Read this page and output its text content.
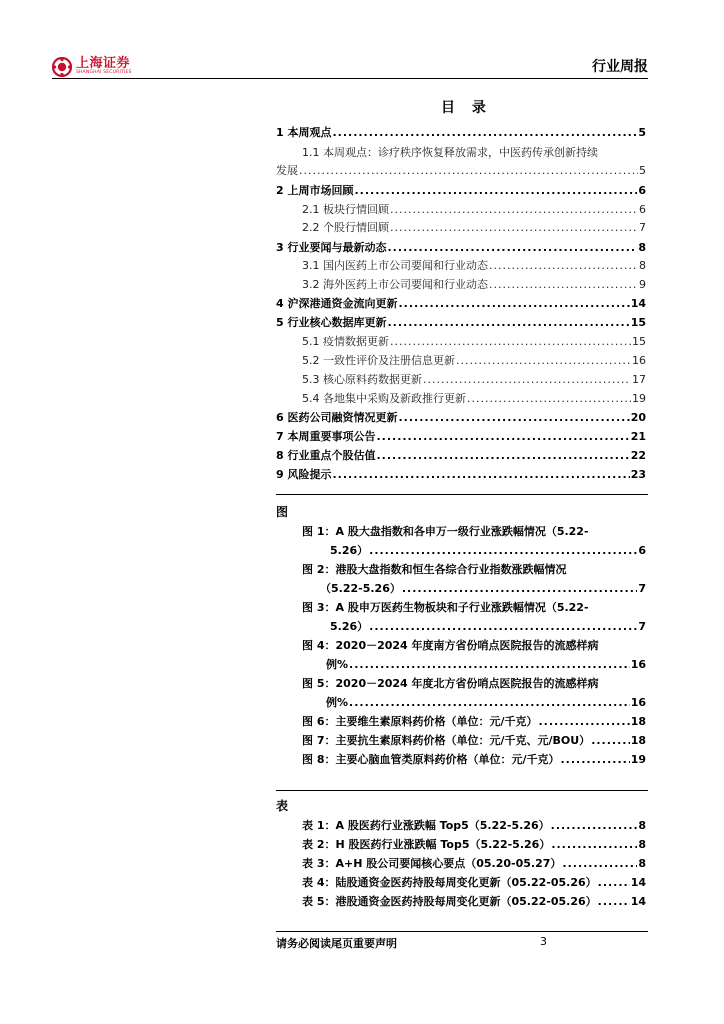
上海证券
SHANGHAI SECURITIES	行业周报
目 录
1 本周观点 .....	5
1.1 本周观点：诊疗秩序恢复释放需求，中医药传承创新持续
发展 .....	5
2 上周市场回顾 .....	6
2.1 板块行情回顾 .....	6
2.2 个股行情回顾 .....	7
3 行业要闻与最新动态 .....	8
3.1 国内医药上市公司要闻和行业动态 .....	8
3.2 海外医药上市公司要闻和行业动态 .....	9
4 沪深港通资金流向更新 .....	14
5 行业核心数据库更新 .....	15
5.1 疫情数据更新 .....	15
5.2 一致性评价及注册信息更新 .....	16
5.3 核心原料药数据更新 .....	17
5.4 各地集中采购及新政推行更新 .....	19
6 医药公司融资情况更新 .....	20
7 本周重要事项公告 .....	21
8 行业重点个股估值 .....	22
9 风险提示 .....	23
图
图 1：A 股大盘指数和各申万一级行业涨跌幅情况（5.22-
5.26） .....	6
图 2：港股大盘指数和恒生各综合行业指数涨跌幅情况
（5.22-5.26） .....	7
图 3：A 股申万医药生物板块和子行业涨跌幅情况（5.22-
5.26） .....	7
图 4：2020－2024 年度南方省份哨点医院报告的流感样病
例% .....	16
图 5：2020－2024 年度北方省份哨点医院报告的流感样病
例% .....	16
图 6：主要维生素原料药价格（单位：元/千克） .....	18
图 7：主要抗生素原料药价格（单位：元/千克、元/BOU） .....	18
图 8：主要心脑血管类原料药价格（单位：元/千克） .....	19
表
表 1：A 股医药行业涨跌幅 Top5（5.22-5.26） .....	8
表 2：H 股医药行业涨跌幅 Top5（5.22-5.26） .....	8
表 3：A+H 股公司要闻核心要点（05.20-05.27） .....	8
表 4：陆股通资金医药持股每周变化更新（05.22-05.26） .....	14
表 5：港股通资金医药持股每周变化更新（05.22-05.26） .....	14
请务必阅读尾页重要声明	3
